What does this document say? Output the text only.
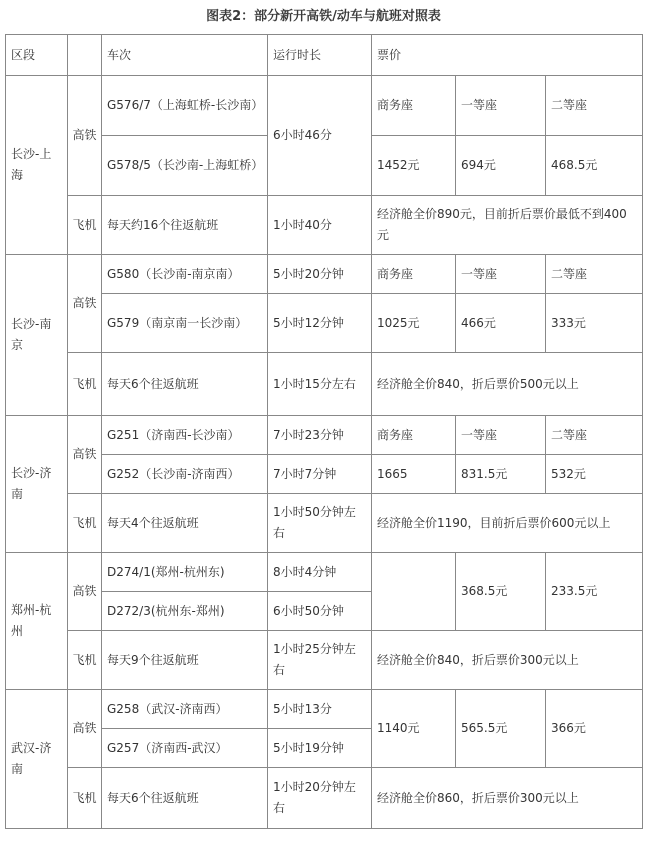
图表2：部分新开高铁/动车与航班对照表
区段		车次	运行时长	票价		
长沙-上海	高铁	G576/7（上海虹桥-长沙南）	6小时46分	商务座	一等座	二等座
		G578/5（长沙南-上海虹桥）		1452元	694元	468.5元
	飞机	每天约16个往返航班	1小时40分	经济舱全价890元，目前折后票价最低不到400元		
长沙-南京	高铁	G580（长沙南-南京南）	5小时20分钟	商务座	一等座	二等座
		G579（南京南一长沙南）	5小时12分钟	1025元	466元	333元
	飞机	每天6个往返航班	1小时15分左右	经济舱全价840，折后票价500元以上		
长沙-济南	高铁	G251（济南西-长沙南）	7小时23分钟	商务座	一等座	二等座
		G252（长沙南-济南西）	7小时7分钟	1665	831.5元	532元
	飞机	每天4个往返航班	1小时50分钟左右	经济舱全价1190，目前折后票价600元以上		
郑州-杭州	高铁	D274/1(郑州-杭州东)	8小时4分钟		368.5元	233.5元
		D272/3(杭州东-郑州)	6小时50分钟			
	飞机	每天9个往返航班	1小时25分钟左右	经济舱全价840，折后票价300元以上		
武汉-济南	高铁	G258（武汉-济南西）	5小时13分	1140元	565.5元	366元
		G257（济南西-武汉）	5小时19分钟			
	飞机	每天6个往返航班	1小时20分钟左右	经济舱全价860，折后票价300元以上		
